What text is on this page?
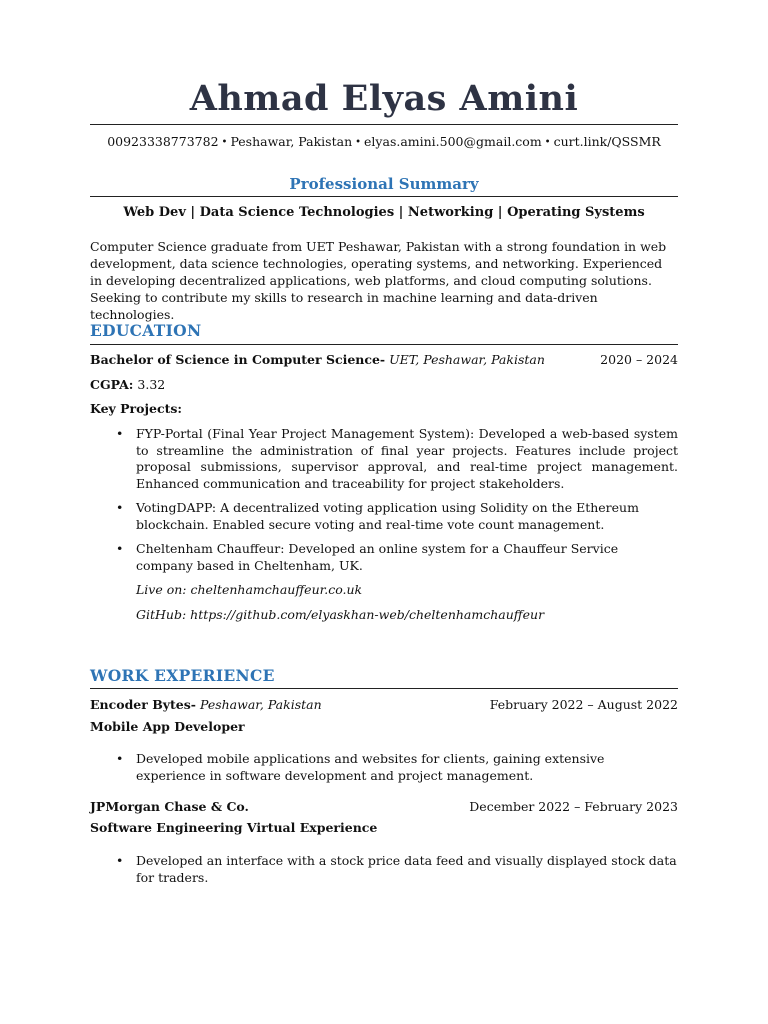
Ahmad Elyas Amini
00923338773782 • Peshawar, Pakistan • elyas.amini.500@gmail.com • curt.link/QSSMR
Professional Summary
Web Dev | Data Science Technologies | Networking | Operating Systems
Computer Science graduate from UET Peshawar, Pakistan with a strong foundation in web development, data science technologies, operating systems, and networking. Experienced in developing decentralized applications, web platforms, and cloud computing solutions. Seeking to contribute my skills to research in machine learning and data-driven technologies.
EDUCATION
Bachelor of Science in Computer Science- UET, Peshawar, Pakistan	2020 – 2024
CGPA: 3.32
Key Projects:
• FYP-Portal (Final Year Project Management System): Developed a web-based system to streamline the administration of final year projects. Features include project proposal submissions, supervisor approval, and real-time project management. Enhanced communication and traceability for project stakeholders.
• VotingDAPP: A decentralized voting application using Solidity on the Ethereum blockchain. Enabled secure voting and real-time vote count management.
• Cheltenham Chauffeur: Developed an online system for a Chauffeur Service company based in Cheltenham, UK.
Live on: cheltenhamchauffeur.co.uk
GitHub: https://github.com/elyaskhan-web/cheltenhamchauffeur
WORK EXPERIENCE
Encoder Bytes- Peshawar, Pakistan	February 2022 – August 2022
Mobile App Developer
• Developed mobile applications and websites for clients, gaining extensive experience in software development and project management.
JPMorgan Chase & Co.	December 2022 – February 2023
Software Engineering Virtual Experience
• Developed an interface with a stock price data feed and visually displayed stock data for traders.
